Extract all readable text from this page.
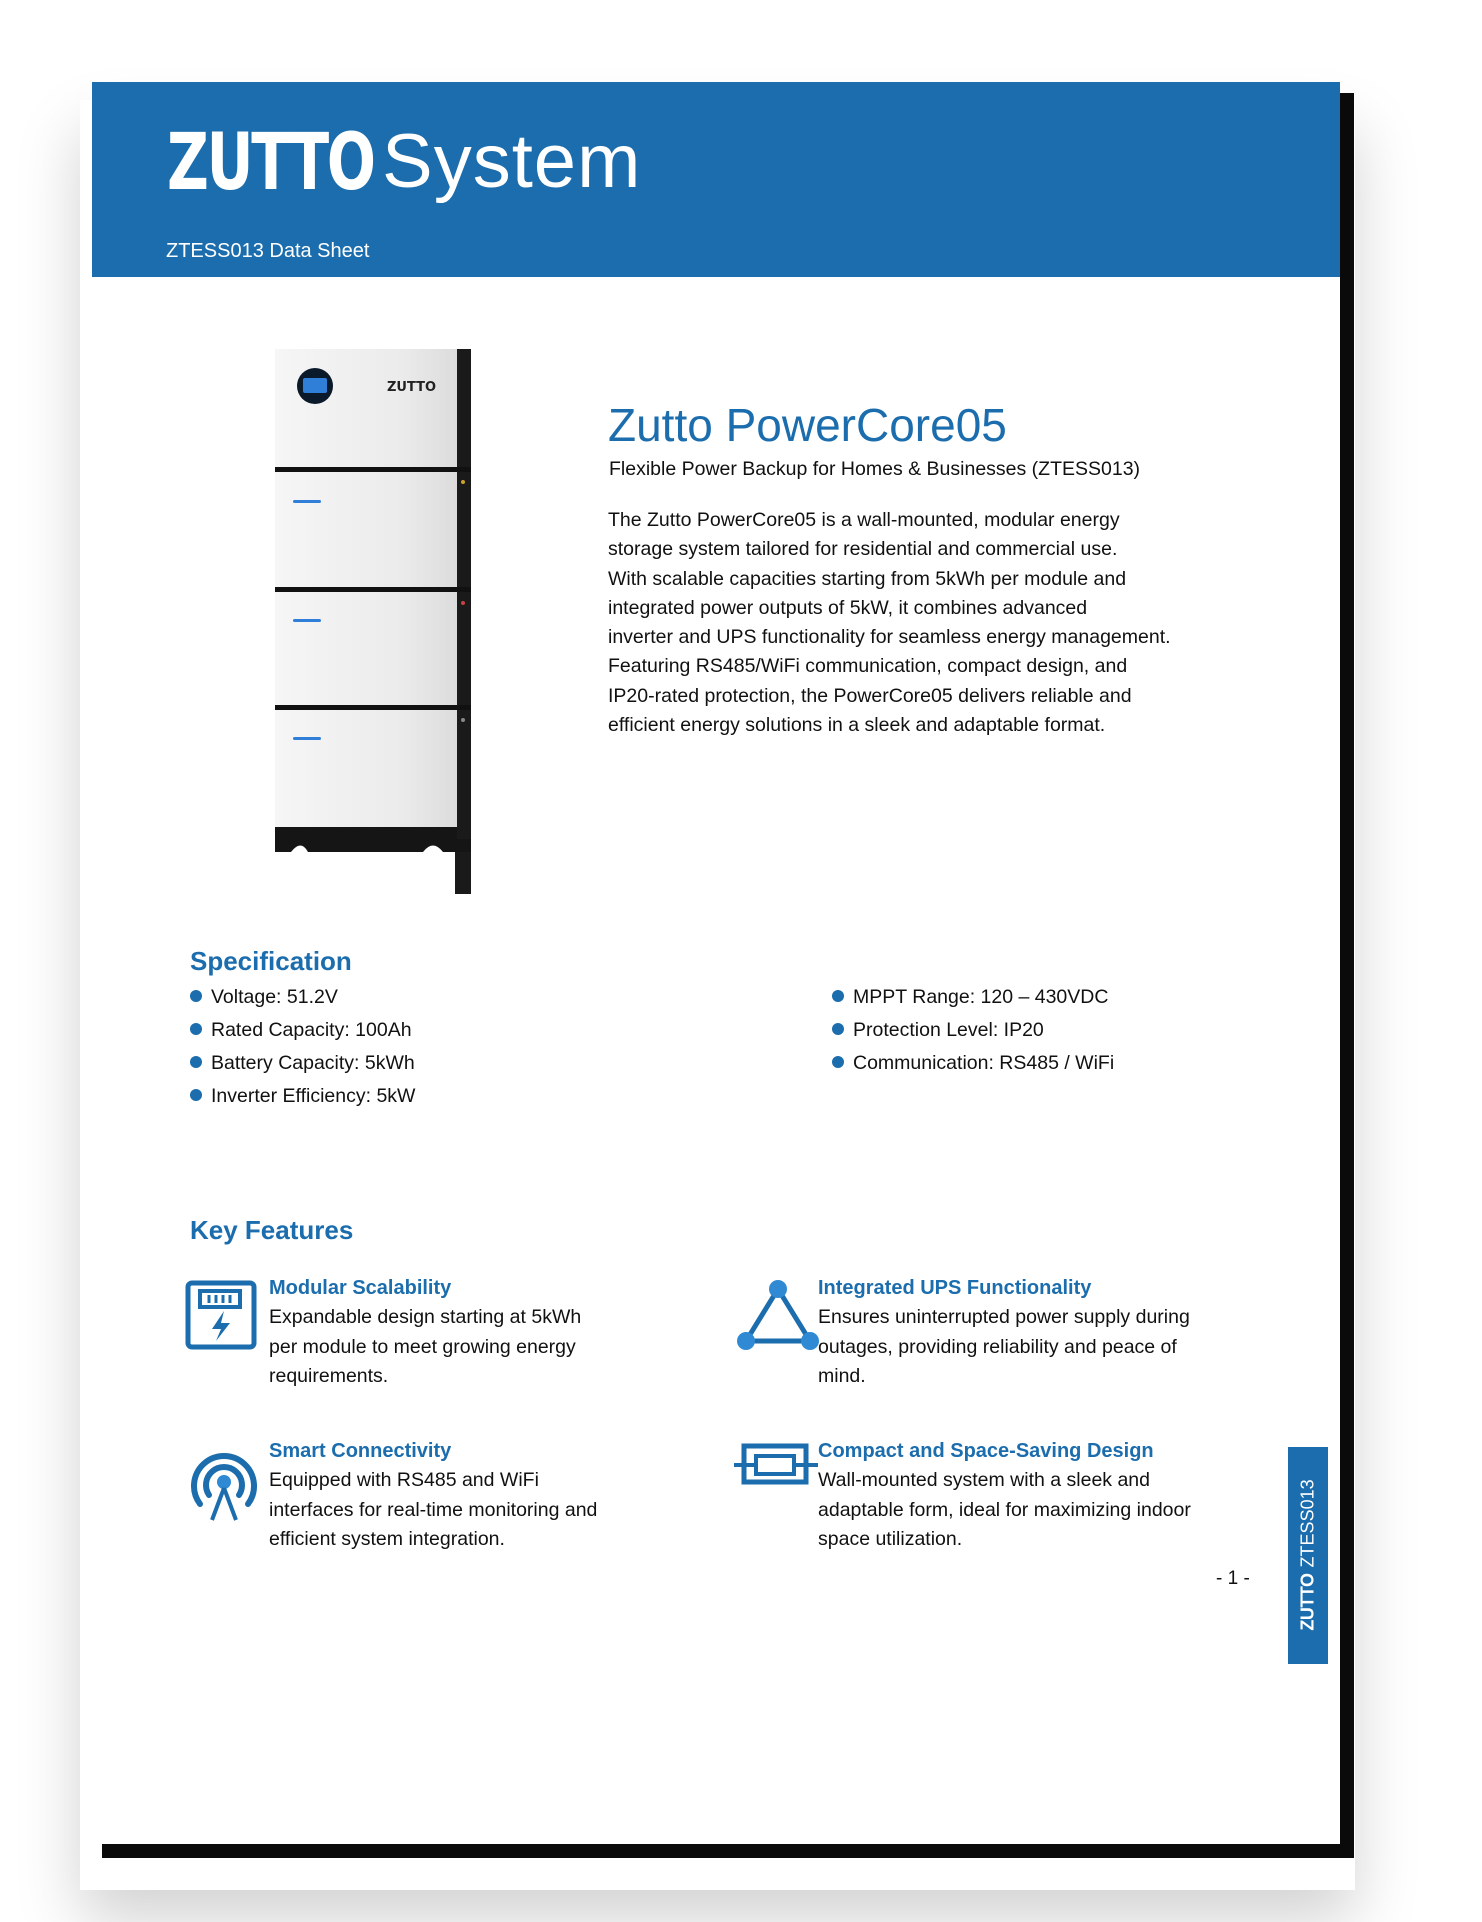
ZUTTO System
ZTESS013 Data Sheet
ZUTTO
Zutto PowerCore05
Flexible Power Backup for Homes & Businesses (ZTESS013)
The Zutto PowerCore05 is a wall-mounted, modular energy
storage system tailored for residential and commercial use.
With scalable capacities starting from 5kWh per module and
integrated power outputs of 5kW, it combines advanced
inverter and UPS functionality for seamless energy management.
Featuring RS485/WiFi communication, compact design, and
IP20-rated protection, the PowerCore05 delivers reliable and
efficient energy solutions in a sleek and adaptable format.
Specification
Voltage: 51.2V
Rated Capacity: 100Ah
Battery Capacity: 5kWh
Inverter Efficiency: 5kW
MPPT Range: 120 – 430VDC
Protection Level: IP20
Communication: RS485 / WiFi
Key Features
Modular Scalability
Expandable design starting at 5kWh
per module to meet growing energy
requirements.
Integrated UPS Functionality
Ensures uninterrupted power supply during
outages, providing reliability and peace of
mind.
Smart Connectivity
Equipped with RS485 and WiFi
interfaces for real-time monitoring and
efficient system integration.
Compact and Space-Saving Design
Wall-mounted system with a sleek and
adaptable form, ideal for maximizing indoor
space utilization.
ZUTTOZTESS013
- 1 -
